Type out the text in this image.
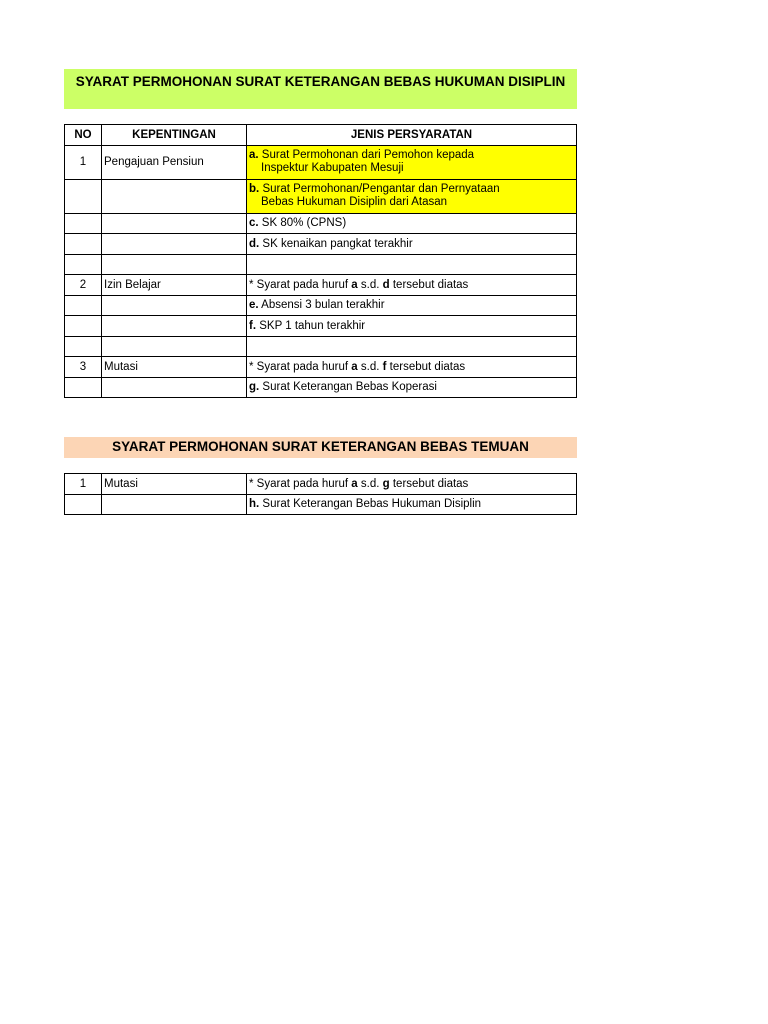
SYARAT PERMOHONAN SURAT KETERANGAN BEBAS HUKUMAN DISIPLIN
NO	KEPENTINGAN	JENIS PERSYARATAN
1	Pengajuan Pensiun	a. Surat Permohonan dari Pemohon kepada
Inspektur Kabupaten Mesuji

		b. Surat Permohonan/Pengantar dan Pernyataan
Bebas Hukuman Disiplin dari Atasan

		c. SK 80% (CPNS)
		d. SK kenaikan pangkat terakhir

2	Izin Belajar	* Syarat pada huruf a s.d. d tersebut diatas
		e. Absensi 3 bulan terakhir
		f. SKP 1 tahun terakhir

3	Mutasi	* Syarat pada huruf a s.d. f tersebut diatas
		g. Surat Keterangan Bebas Koperasi
SYARAT PERMOHONAN SURAT KETERANGAN BEBAS TEMUAN
1	Mutasi	* Syarat pada huruf a s.d. g tersebut diatas
		h. Surat Keterangan Bebas Hukuman Disiplin
